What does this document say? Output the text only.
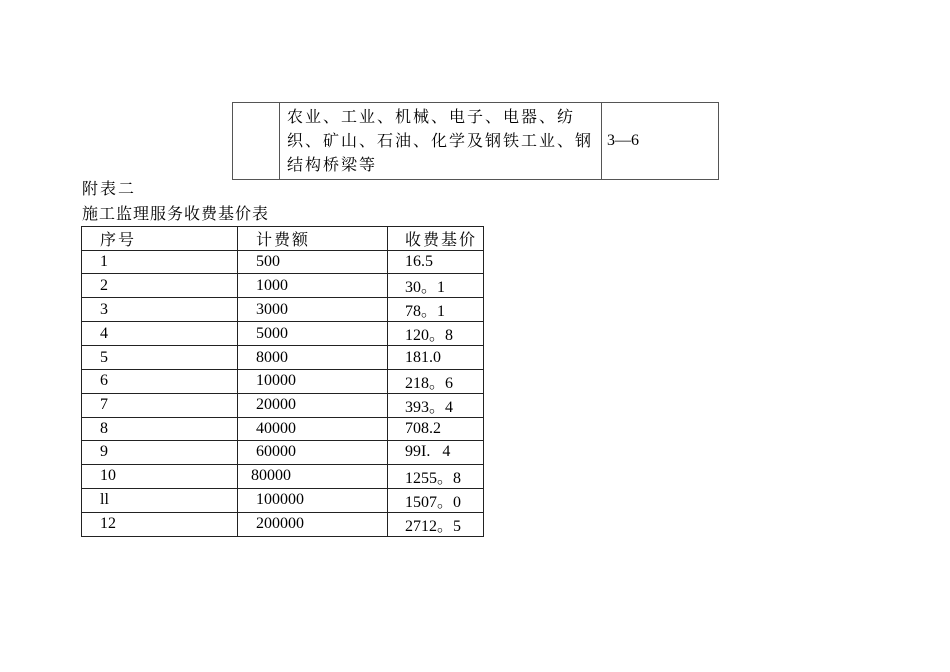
	农业、工业、机械、电子、电器、纺织、矿山、石油、化学及钢铁工业、钢结构桥梁等	3—6
附表二
施工监理服务收费基价表
序号	计费额	收费基价
1	500	16.5
2	1000	30。1
3	3000	78。1
4	5000	120。8
5	8000	181.0
6	10000	218。6
7	20000	393。4
8	40000	708.2
9	60000	99I.   4
10	80000	1255。8
ll	100000	1507。0
12	200000	2712。5
